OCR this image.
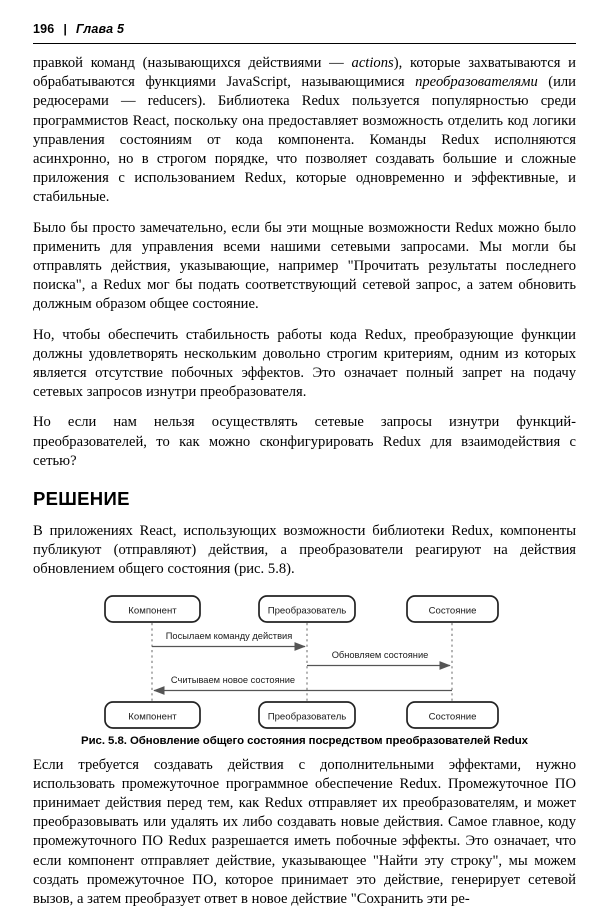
196 | Глава 5

правкой команд (называющихся действиями — actions), которые захватываются и обрабатываются функциями JavaScript, называющимися преобразователями (или редюсерами — reducers). Библиотека Redux пользуется популярностью среди программистов React, поскольку она предоставляет возможность отделить код логики управления состояниям от кода компонента. Команды Redux исполняются асинхронно, но в строгом порядке, что позволяет создавать большие и сложные приложения с использованием Redux, которые одновременно и эффективные, и стабильные.

Было бы просто замечательно, если бы эти мощные возможности Redux можно было применить для управления всеми нашими сетевыми запросами. Мы могли бы отправлять действия, указывающие, например "Прочитать результаты последнего поиска", а Redux мог бы подать соответствующий сетевой запрос, а затем обновить должным образом общее состояние.

Но, чтобы обеспечить стабильность работы кода Redux, преобразующие функции должны удовлетворять нескольким довольно строгим критериям, одним из которых является отсутствие побочных эффектов. Это означает полный запрет на подачу сетевых запросов изнутри преобразователя.

Но если нам нельзя осуществлять сетевые запросы изнутри функций-преобразователей, то как можно сконфигурировать Redux для взаимодействия с сетью?

РЕШЕНИЕ

В приложениях React, использующих возможности библиотеки Redux, компоненты публикуют (отправляют) действия, а преобразователи реагируют на действия обновлением общего состояния (рис. 5.8).

Компонент	Преобразователь	Состояние
Посылаем команду действия
Обновляем состояние
Считываем новое состояние
Компонент	Преобразователь	Состояние
Рис. 5.8. Обновление общего состояния посредством преобразователей Redux

Если требуется создавать действия с дополнительными эффектами, нужно использовать промежуточное программное обеспечение Redux. Промежуточное ПО принимает действия перед тем, как Redux отправляет их преобразователям, и может преобразовывать или удалять их либо создавать новые действия. Самое главное, коду промежуточного ПО Redux разрешается иметь побочные эффекты. Это означает, что если компонент отправляет действие, указывающее "Найти эту строку", мы можем создать промежуточное ПО, которое принимает это действие, генерирует сетевой вызов, а затем преобразует ответ в новое действие "Сохранить эти ре-
